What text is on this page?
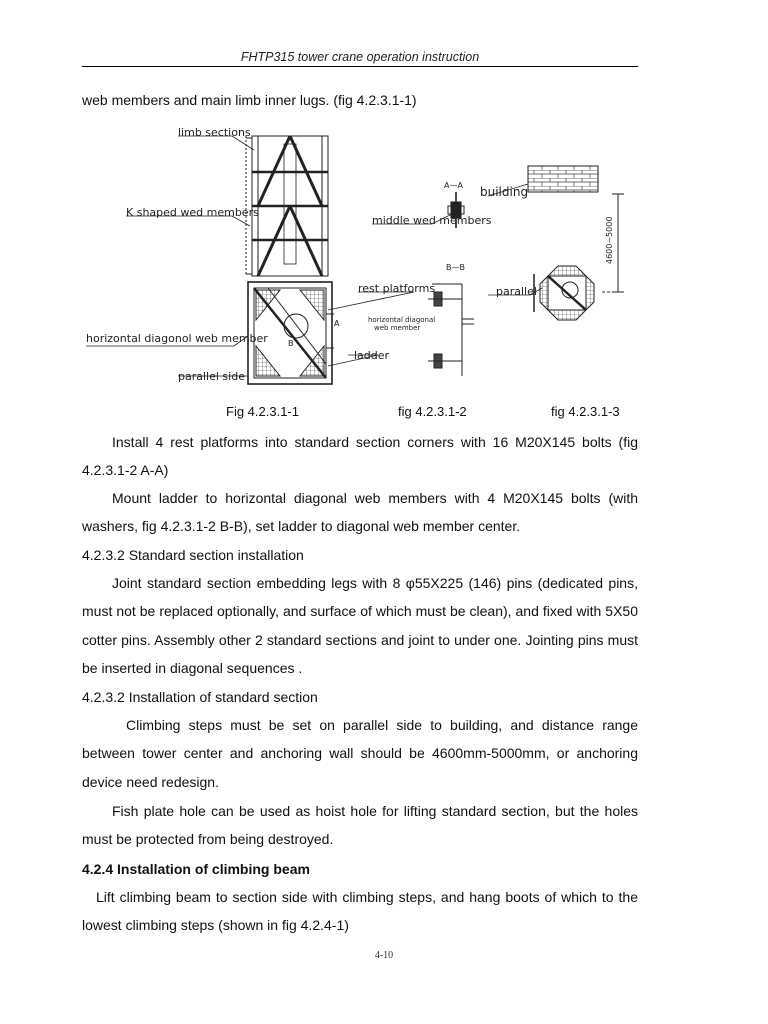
FHTP315 tower crane operation instruction
web members and main limb inner lugs. (fig 4.2.3.1-1)
limb sections
K shaped wed members
A—A
middle wed members
building
rest platforms
B—B
parallel
4600~5000
horizontal diagonal
web member
horizontal diagonol web member
ladder
parallel side
A
B
Fig 4.2.3.1-1	fig 4.2.3.1-2	fig 4.2.3.1-3
Install 4 rest platforms into standard section corners with 16 M20X145 bolts (fig 4.2.3.1-2 A-A)
Mount ladder to horizontal diagonal web members with 4 M20X145 bolts (with washers, fig 4.2.3.1-2 B-B), set ladder to diagonal web member center.
4.2.3.2 Standard section installation
Joint standard section embedding legs with 8 φ55X225 (146) pins (dedicated pins, must not be replaced optionally, and surface of which must be clean), and fixed with 5X50 cotter pins. Assembly other 2 standard sections and joint to under one. Jointing pins must be inserted in diagonal sequences .
4.2.3.2 Installation of standard section
Climbing steps must be set on parallel side to building, and distance range between tower center and anchoring wall should be 4600mm-5000mm, or anchoring device need redesign.
Fish plate hole can be used as hoist hole for lifting standard section, but the holes must be protected from being destroyed.
4.2.4 Installation of climbing beam
Lift climbing beam to section side with climbing steps, and hang boots of which to the lowest climbing steps (shown in fig 4.2.4-1)
4-10
